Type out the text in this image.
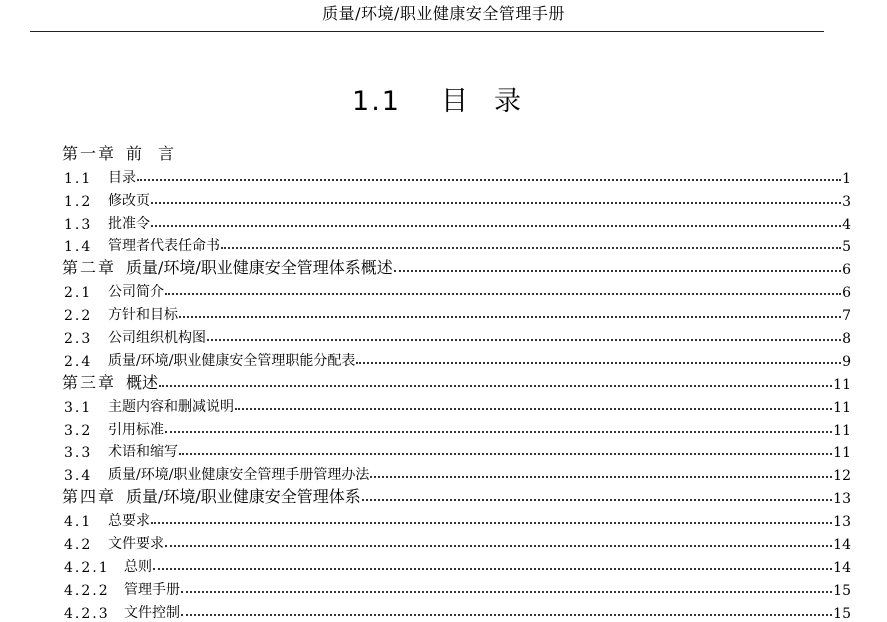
质量/环境/职业健康安全管理手册
1.1 目 录
第一章 前　言
1.1	目录	1
1.2	修改页	3
1.3	批准令	4
1.4	管理者代表任命书	5
第二章 质量/环境/职业健康安全管理体系概述	6
2.1	公司简介	6
2.2	方针和目标	7
2.3	公司组织机构图	8
2.4	质量/环境/职业健康安全管理职能分配表	9
第三章 概述	11
3.1	主题内容和删减说明	11
3.2	引用标准	11
3.3	术语和缩写	11
3.4	质量/环境/职业健康安全管理手册管理办法	12
第四章 质量/环境/职业健康安全管理体系	13
4.1	总要求	13
4.2	文件要求	14
4.2.1	总则	14
4.2.2	管理手册	15
4.2.3	文件控制	15
